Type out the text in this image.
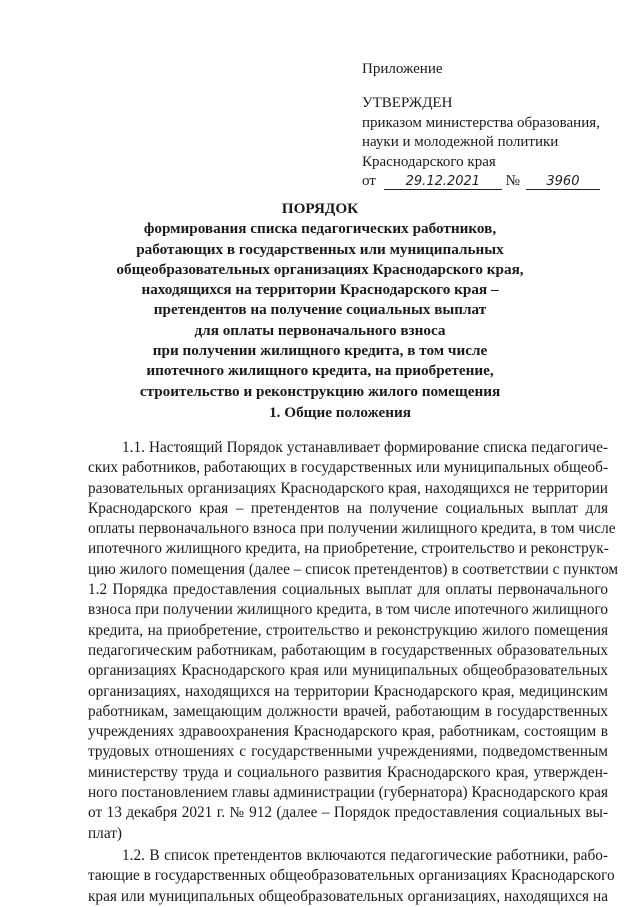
Приложение
УТВЕРЖДЕН
приказом министерства образования,
науки и молодежной политики
Краснодарского края
от 29.12.2021 № 3960
ПОРЯДОК
формирования списка педагогических работников,
работающих в государственных или муниципальных
общеобразовательных организациях Краснодарского края,
находящихся на территории Краснодарского края –
претендентов на получение социальных выплат
для оплаты первоначального взноса
при получении жилищного кредита, в том числе
ипотечного жилищного кредита, на приобретение,
строительство и реконструкцию жилого помещения
1. Общие положения
1.1. Настоящий Порядок устанавливает формирование списка педагогиче-
ских работников, работающих в государственных или муниципальных общеоб-
разовательных организациях Краснодарского края, находящихся не территории
Краснодарского края – претендентов на получение социальных выплат для
оплаты первоначального взноса при получении жилищного кредита, в том числе
ипотечного жилищного кредита, на приобретение, строительство и реконструк-
цию жилого помещения (далее – список претендентов) в соответствии с пунктом
1.2 Порядка предоставления социальных выплат для оплаты первоначального
взноса при получении жилищного кредита, в том числе ипотечного жилищного
кредита, на приобретение, строительство и реконструкцию жилого помещения
педагогическим работникам, работающим в государственных образовательных
организациях Краснодарского края или муниципальных общеобразовательных
организациях, находящихся на территории Краснодарского края, медицинским
работникам, замещающим должности врачей, работающим в государственных
учреждениях здравоохранения Краснодарского края, работникам, состоящим в
трудовых отношениях с государственными учреждениями, подведомственным
министерству труда и социального развития Краснодарского края, утвержден-
ного постановлением главы администрации (губернатора) Краснодарского края
от 13 декабря 2021 г. № 912 (далее – Порядок предоставления социальных вы-
плат)
1.2. В список претендентов включаются педагогические работники, рабо-
тающие в государственных общеобразовательных организациях Краснодарского
края или муниципальных общеобразовательных организациях, находящихся на
